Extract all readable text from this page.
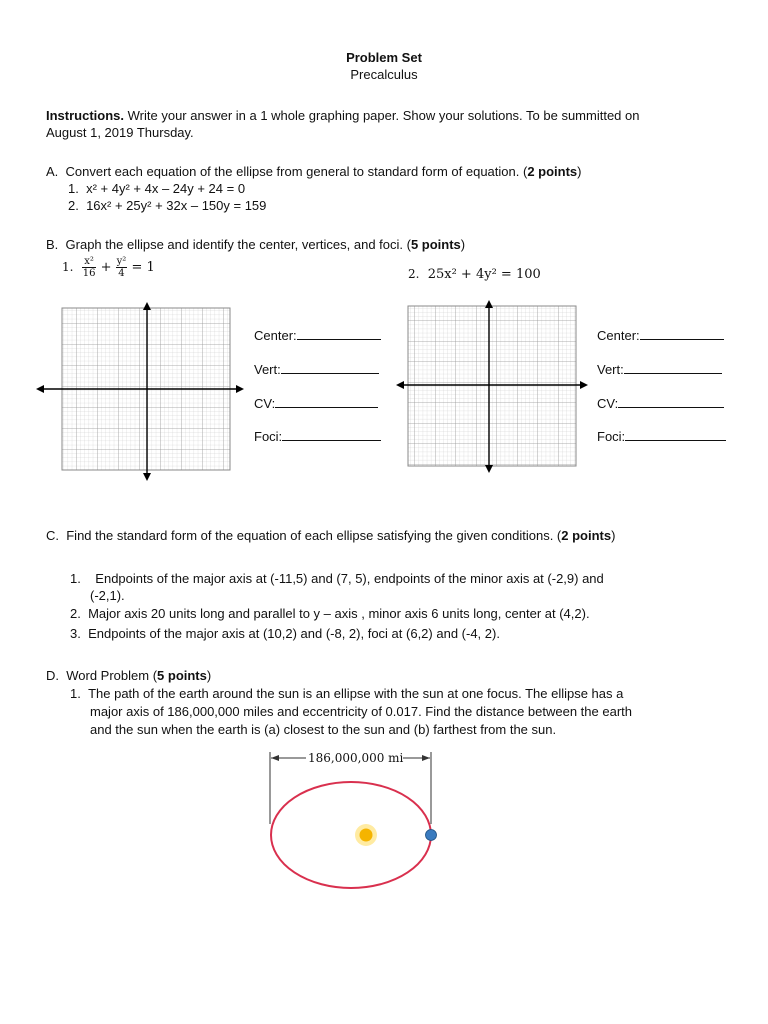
Problem Set
Precalculus
Instructions. Write your answer in a 1 whole graphing paper. Show your solutions. To be summitted on
August 1, 2019 Thursday.
A. Convert each equation of the ellipse from general to standard form of equation. (2 points)
1. x² + 4y² + 4x – 24y + 24 = 0
2. 16x² + 25y² + 32x – 150y = 159
B. Graph the ellipse and identify the center, vertices, and foci. (5 points)
1. $\frac{\text{x²}}{16} + \frac{\text{y²}}{4} = 1$	2. 25x² + 4y² = 100
Center:
Vert:
CV:
Foci:
Center:
Vert:
CV:
Foci:
C. Find the standard form of the equation of each ellipse satisfying the given conditions. (2 points)
1.    Endpoints of the major axis at (-11,5) and (7, 5), endpoints of the minor axis at (-2,9) and
(-2,1).
2. Major axis 20 units long and parallel to y – axis , minor axis 6 units long, center at (4,2).
3. Endpoints of the major axis at (10,2) and (-8, 2), foci at (6,2) and (-4, 2).
D. Word Problem (5 points)
1. The path of the earth around the sun is an ellipse with the sun at one focus. The ellipse has a
major axis of 186,000,000 miles and eccentricity of 0.017. Find the distance between the earth
and the sun when the earth is (a) closest to the sun and (b) farthest from the sun.
186,000,000 mi
